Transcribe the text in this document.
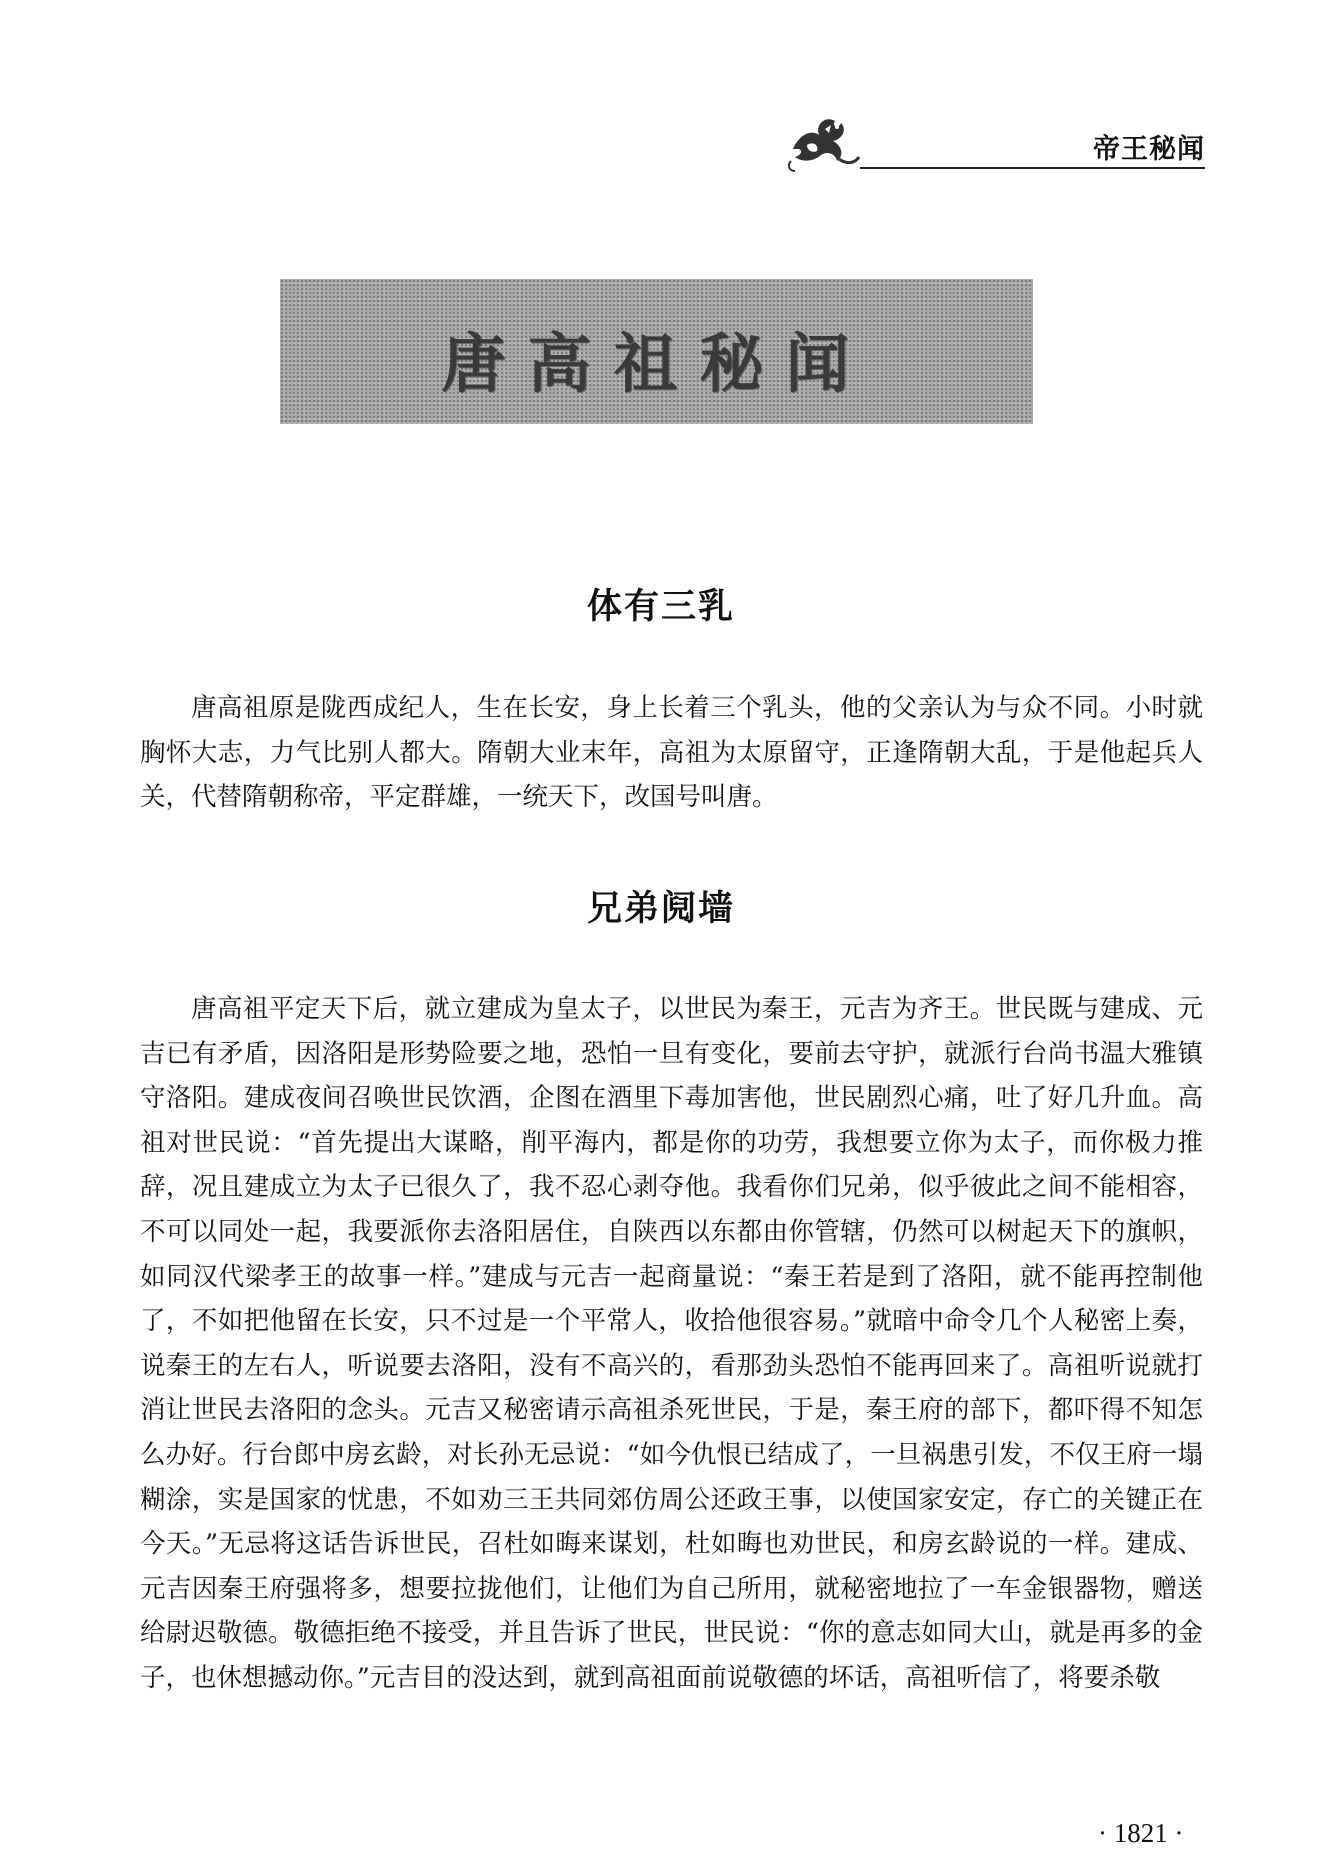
帝王秘闻
唐高祖秘闻
体有三乳

唐高祖原是陇西成纪人，生在长安，身上长着三个乳头，他的父亲认为与众不同。小时就胸怀大志，力气比别人都大。隋朝大业末年，高祖为太原留守，正逢隋朝大乱，于是他起兵人关，代替隋朝称帝，平定群雄，一统天下，改国号叫唐。

兄弟阋墙

唐高祖平定天下后，就立建成为皇太子，以世民为秦王，元吉为齐王。世民既与建成、元吉已有矛盾，因洛阳是形势险要之地，恐怕一旦有变化，要前去守护，就派行台尚书温大雅镇守洛阳。建成夜间召唤世民饮酒，企图在酒里下毒加害他，世民剧烈心痛，吐了好几升血。高祖对世民说：“首先提出大谋略，削平海内，都是你的功劳，我想要立你为太子，而你极力推辞，况且建成立为太子已很久了，我不忍心剥夺他。我看你们兄弟，似乎彼此之间不能相容，不可以同处一起，我要派你去洛阳居住，自陕西以东都由你管辖，仍然可以树起天下的旗帜，如同汉代梁孝王的故事一样。”建成与元吉一起商量说：“秦王若是到了洛阳，就不能再控制他了，不如把他留在长安，只不过是一个平常人，收拾他很容易。”就暗中命令几个人秘密上奏，说秦王的左右人，听说要去洛阳，没有不高兴的，看那劲头恐怕不能再回来了。高祖听说就打消让世民去洛阳的念头。元吉又秘密请示高祖杀死世民，于是，秦王府的部下，都吓得不知怎么办好。行台郎中房玄龄，对长孙无忌说：“如今仇恨已结成了，一旦祸患引发，不仅王府一塌糊涂，实是国家的忧患，不如劝三王共同郊仿周公还政王事，以使国家安定，存亡的关键正在今天。”无忌将这话告诉世民，召杜如晦来谋划，杜如晦也劝世民，和房玄龄说的一样。建成、元吉因秦王府强将多，想要拉拢他们，让他们为自己所用，就秘密地拉了一车金银器物，赠送给尉迟敬德。敬德拒绝不接受，并且告诉了世民，世民说：“你的意志如同大山，就是再多的金子，也休想撼动你。”元吉目的没达到，就到高祖面前说敬德的坏话，高祖听信了，将要杀敬

· 1821 ·
